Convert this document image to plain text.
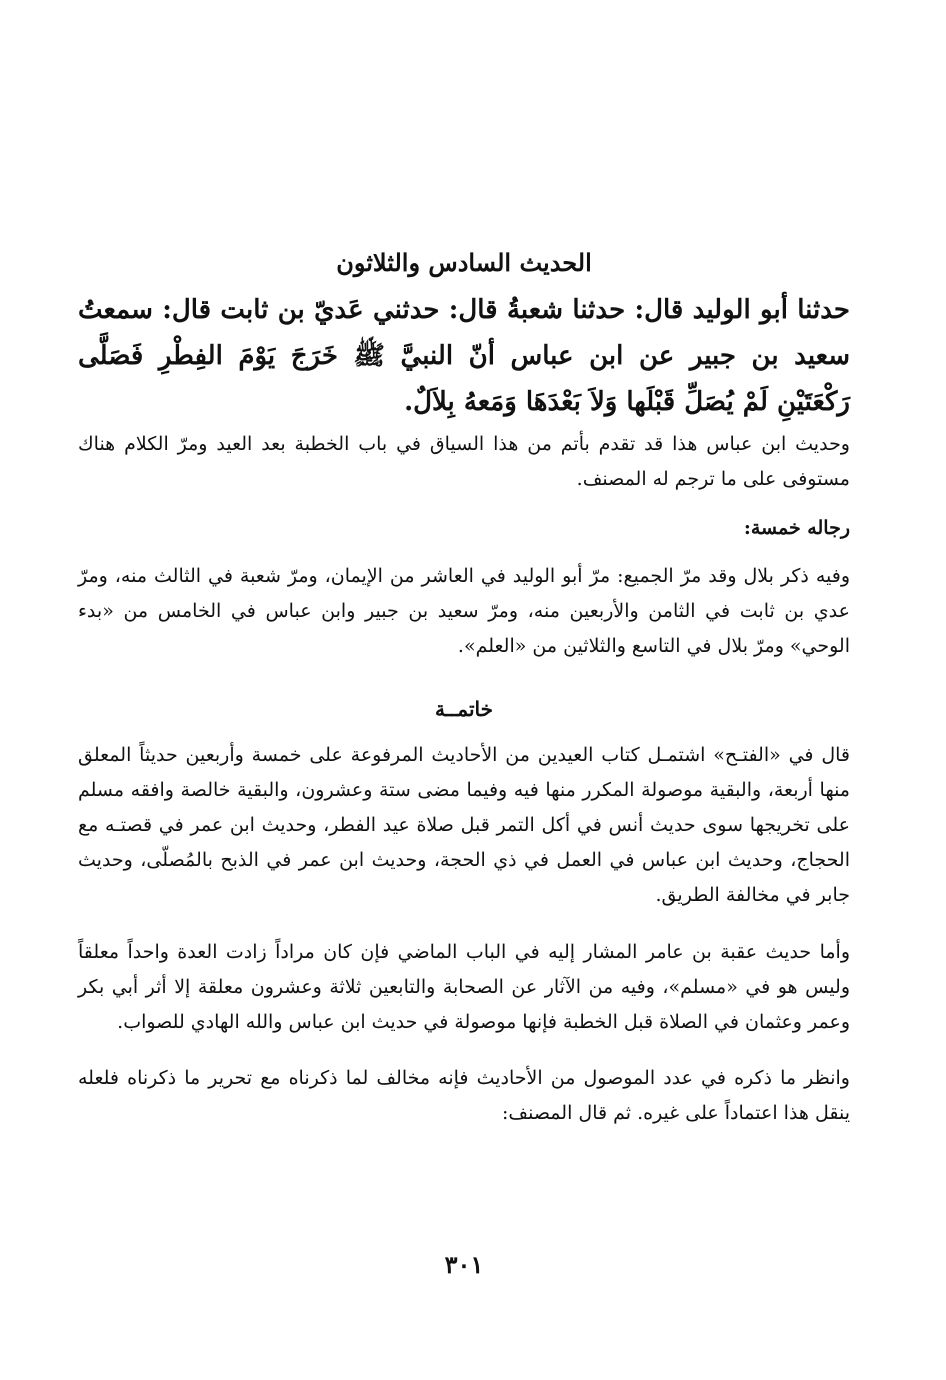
الحديث السادس والثلاثون
حدثنا أبو الوليد قال: حدثنا شعبةُ قال: حدثني عَديّ بن ثابت قال: سمعتُ سعيد بن جبير عن ابن عباس أنّ النبيَّ ﷺ خَرَجَ يَوْمَ الفِطْرِ فَصَلَّى رَكْعَتَيْنِ لَمْ يُصَلِّ قَبْلَها وَلاَ بَعْدَهَا وَمَعهُ بِلاَلٌ.
وحديث ابن عباس هذا قد تقدم بأتم من هذا السياق في باب الخطبة بعد العيد ومرّ الكلام هناك مستوفى على ما ترجم له المصنف.
رجاله خمسة:
وفيه ذكر بلال وقد مرّ الجميع: مرّ أبو الوليد في العاشر من الإيمان، ومرّ شعبة في الثالث منه، ومرّ عدي بن ثابت في الثامن والأربعين منه، ومرّ سعيد بن جبير وابن عباس في الخامس من «بدء الوحي» ومرّ بلال في التاسع والثلاثين من «العلم».
خاتمــة
قال في «الفتـح» اشتمـل كتاب العيدين من الأحاديث المرفوعة على خمسة وأربعين حديثاً المعلق منها أربعة، والبقية موصولة المكرر منها فيه وفيما مضى ستة وعشرون، والبقية خالصة وافقه مسلم على تخريجها سوى حديث أنس في أكل التمر قبل صلاة عيد الفطر، وحديث ابن عمر في قصتـه مع الحجاج، وحديث ابن عباس في العمل في ذي الحجة، وحديث ابن عمر في الذبح بالمُصلّى، وحديث جابر في مخالفة الطريق.
وأما حديث عقبة بن عامر المشار إليه في الباب الماضي فإن كان مراداً زادت العدة واحداً معلقاً وليس هو في «مسلم»، وفيه من الآثار عن الصحابة والتابعين ثلاثة وعشرون معلقة إلا أثر أبي بكر وعمر وعثمان في الصلاة قبل الخطبة فإنها موصولة في حديث ابن عباس والله الهادي للصواب.
وانظر ما ذكره في عدد الموصول من الأحاديث فإنه مخالف لما ذكرناه مع تحرير ما ذكرناه فلعله ينقل هذا اعتماداً على غيره. ثم قال المصنف:
٣٠١
